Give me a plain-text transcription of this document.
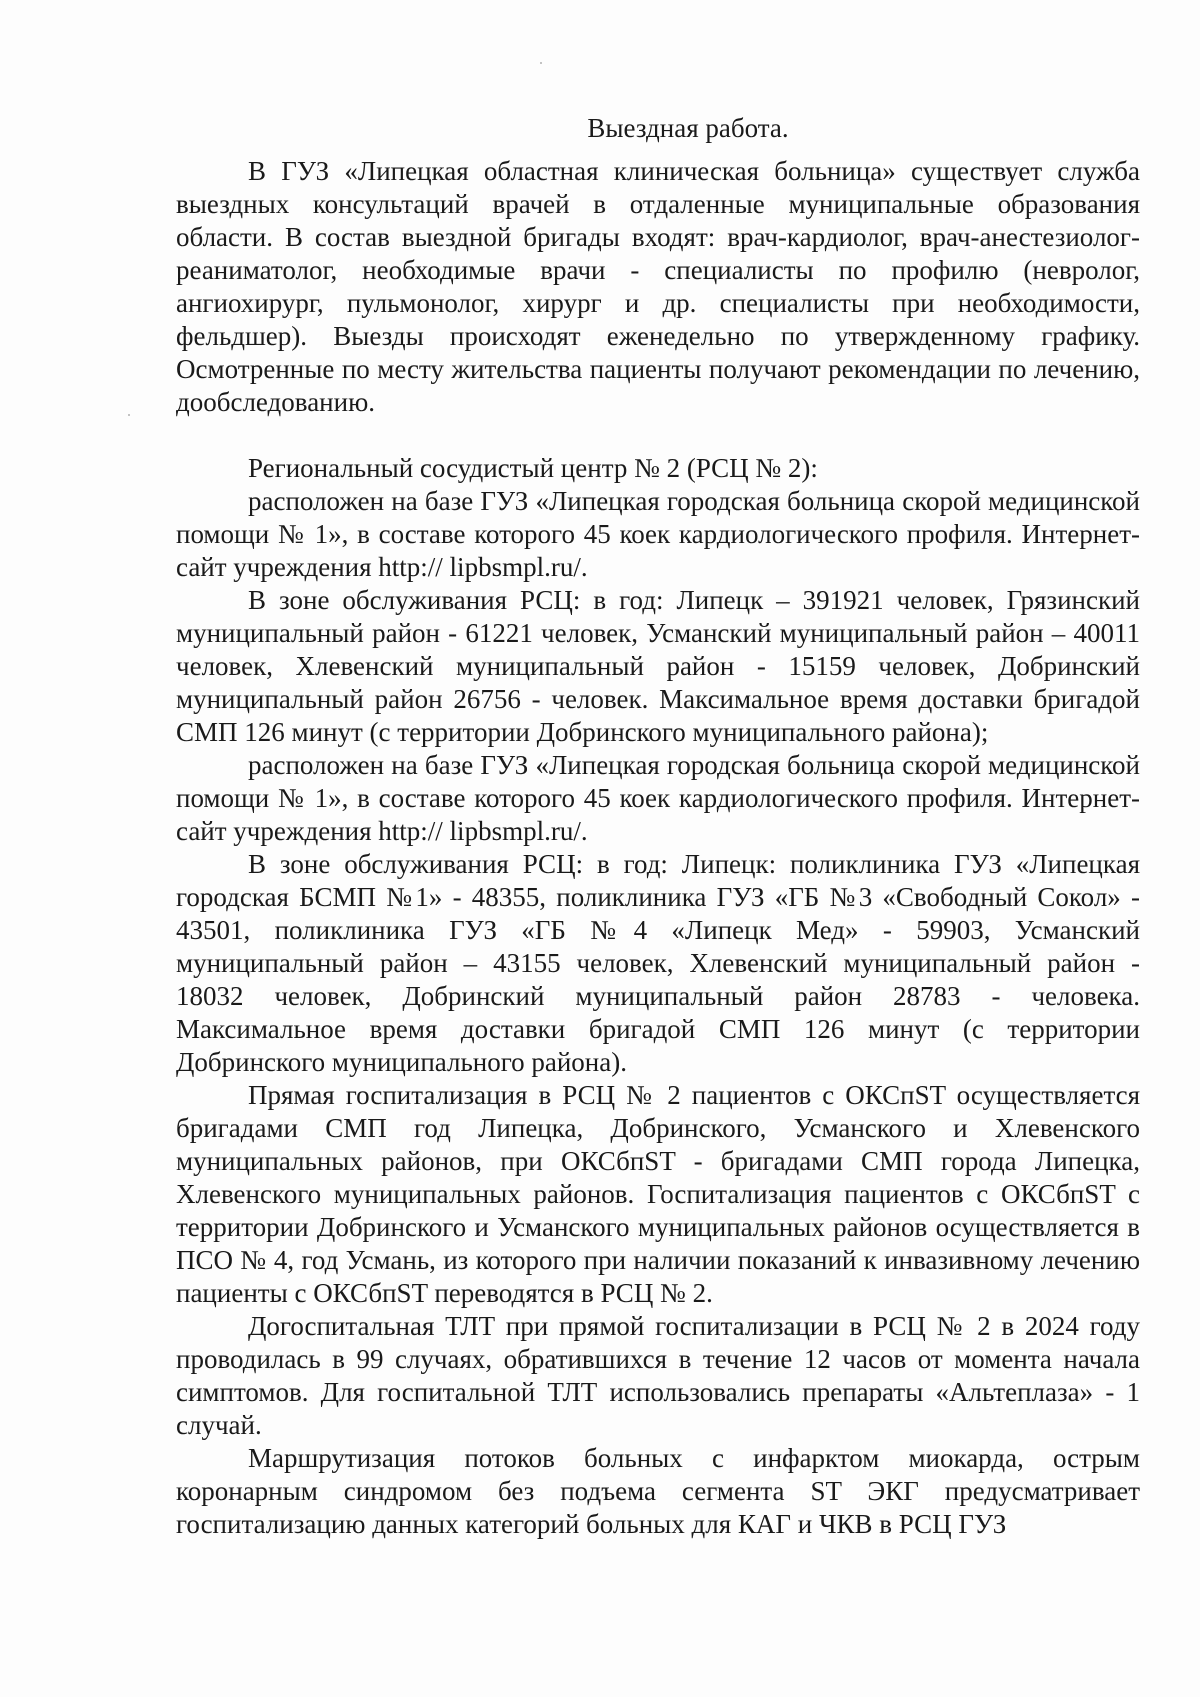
Выездная работа.

В ГУЗ «Липецкая областная клиническая больница» существует служба выездных консультаций врачей в отдаленные муниципальные образования области. В состав выездной бригады входят: врач-кардиолог, врач-анестезиолог-реаниматолог, необходимые врачи - специалисты по профилю (невролог, ангиохирург, пульмонолог, хирург и др. специалисты при необходимости, фельдшер). Выезды происходят еженедельно по утвержденному графику. Осмотренные по месту жительства пациенты получают рекомендации по лечению, дообследованию.

Региональный сосудистый центр № 2 (РСЦ № 2):

расположен на базе ГУЗ «Липецкая городская больница скорой медицинской помощи № 1», в составе которого 45 коек кардиологического профиля. Интернет-сайт учреждения http:// lipbsmpl.ru/.

В зоне обслуживания РСЦ: в год: Липецк – 391921 человек, Грязинский муниципальный район - 61221 человек, Усманский муниципальный район – 40011 человек, Хлевенский муниципальный район - 15159 человек, Добринский муниципальный район 26756 - человек. Максимальное время доставки бригадой СМП 126 минут (с территории Добринского муниципального района);

расположен на базе ГУЗ «Липецкая городская больница скорой медицинской помощи № 1», в составе которого 45 коек кардиологического профиля. Интернет-сайт учреждения http:// lipbsmpl.ru/.

В зоне обслуживания РСЦ: в год: Липецк: поликлиника ГУЗ «Липецкая городская БСМП №1» - 48355, поликлиника ГУЗ «ГБ №3 «Свободный Сокол» - 43501, поликлиника ГУЗ «ГБ №4 «Липецк Мед» - 59903, Усманский муниципальный район – 43155 человек, Хлевенский муниципальный район - 18032 человек, Добринский муниципальный район 28783 - человека. Максимальное время доставки бригадой СМП 126 минут (с территории Добринского муниципального района).

Прямая госпитализация в РСЦ № 2 пациентов с ОКСпST осуществляется бригадами СМП год Липецка, Добринского, Усманского и Хлевенского муниципальных районов, при ОКСбпST - бригадами СМП города Липецка, Хлевенского муниципальных районов. Госпитализация пациентов с ОКСбпST с территории Добринского и Усманского муниципальных районов осуществляется в ПСО № 4, год Усмань, из которого при наличии показаний к инвазивному лечению пациенты с ОКСбпST переводятся в РСЦ № 2.

Догоспитальная ТЛТ при прямой госпитализации в РСЦ № 2 в 2024 году проводилась в 99 случаях, обратившихся в течение 12 часов от момента начала симптомов. Для госпитальной ТЛТ использовались препараты «Альтеплаза» - 1 случай.

Маршрутизация потоков больных с инфарктом миокарда, острым коронарным синдромом без подъема сегмента ST ЭКГ предусматривает госпитализацию данных категорий больных для КАГ и ЧКВ в РСЦ ГУЗ
